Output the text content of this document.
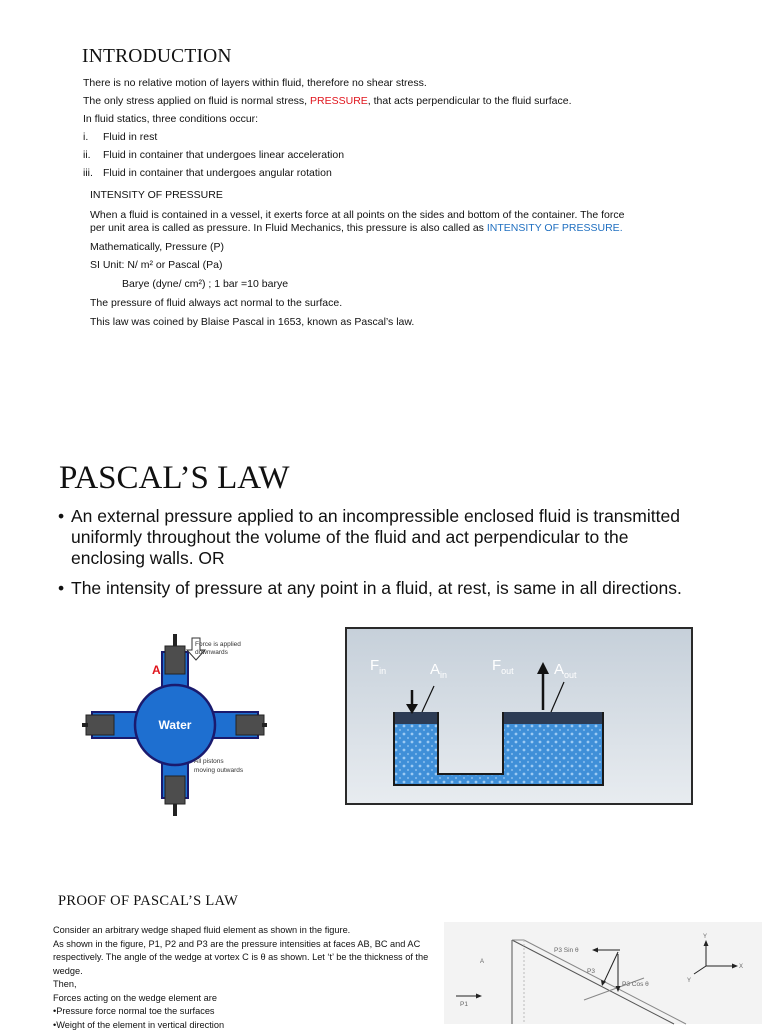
INTRODUCTION
There is no relative motion of layers within fluid, therefore no shear stress.
The only stress applied on fluid is normal stress, PRESSURE, that acts perpendicular to the fluid surface.
In fluid statics, three conditions occur:
i. Fluid in rest
ii. Fluid in container that undergoes linear acceleration
iii. Fluid in container that undergoes angular rotation
INTENSITY OF PRESSURE
When a fluid is contained in a vessel, it exerts force at all points on the sides and bottom of the container. The force
per unit area is called as pressure. In Fluid Mechanics, this pressure is also called as INTENSITY OF PRESSURE.
Mathematically, Pressure (P)
SI Unit: N/ m² or Pascal (Pa)
Barye (dyne/ cm²) ; 1 bar =10 barye
The pressure of fluid always act normal to the surface.
This law was coined by Blaise Pascal in 1653, known as Pascal’s law.
PASCAL’S LAW
• An external pressure applied to an incompressible enclosed fluid is transmitted
uniformly throughout the volume of the fluid and act perpendicular to the
enclosing walls. OR
• The intensity of pressure at any point in a fluid, at rest, is same in all directions.
Force is applied
downwards
A
Water
All pistons
moving outwards
$F_{in}$	$A_{in}$
$F_{out}$	$A_{out}$
PROOF OF PASCAL’S LAW
Consider an arbitrary wedge shaped fluid element as shown in the figure.
As shown in the figure, P1, P2 and P3 are the pressure intensities at faces AB, BC and AC
respectively. The angle of the wedge at vortex C is θ as shown. Let ‘t’ be the thickness of the
wedge.
Then,
Forces acting on the wedge element are
•Pressure force normal toe the surfaces
•Weight of the element in vertical direction
A
P3 Sin θ
P3
P3 Cos θ
P1
Y
X
Y
